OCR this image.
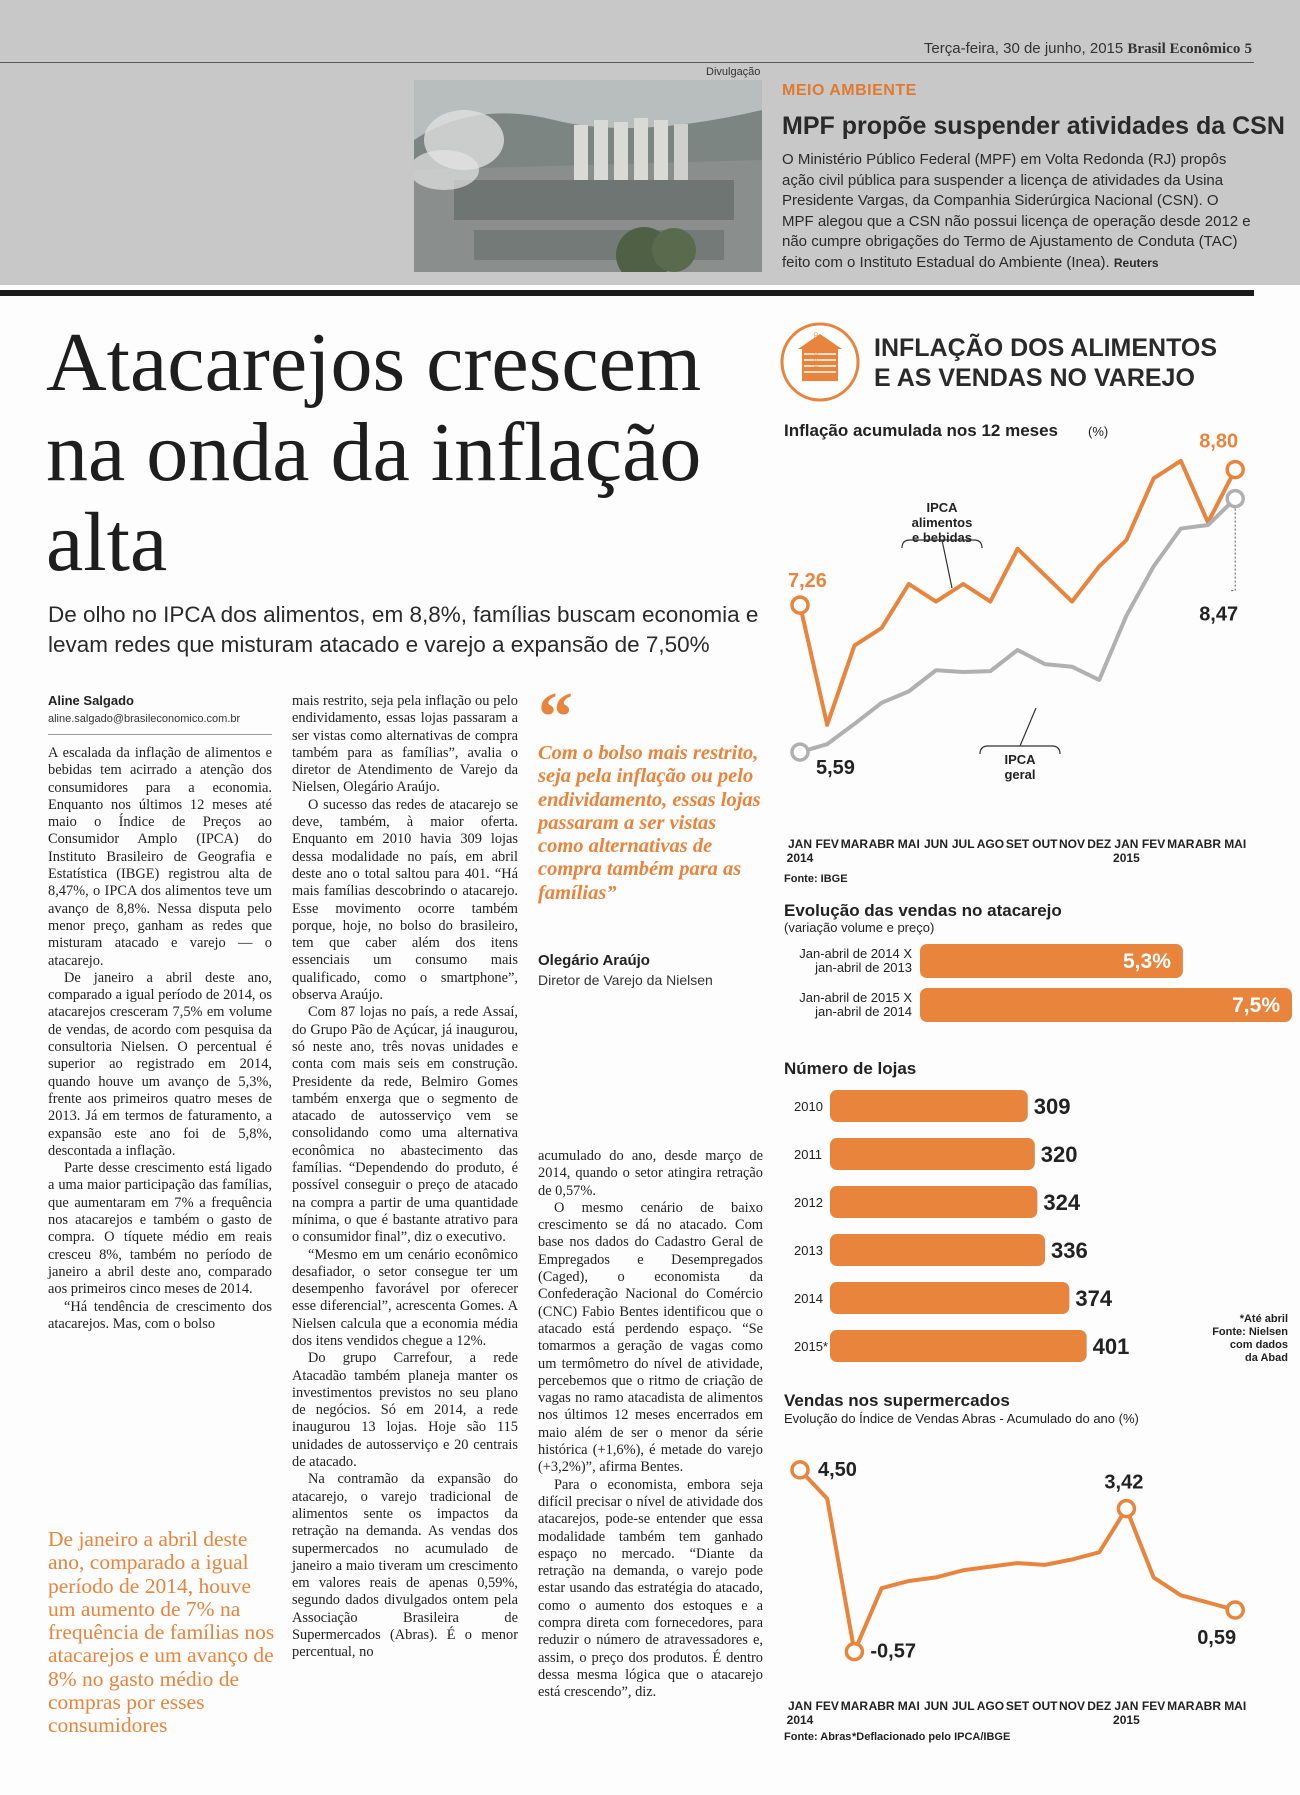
Terça-feira, 30 de junho, 2015 Brasil Econômico 5
Divulgação
MEIO AMBIENTE
MPF propõe suspender atividades da CSN
O Ministério Público Federal (MPF) em Volta Redonda (RJ) propôs ação civil pública para suspender a licença de atividades da Usina Presidente Vargas, da Companhia Siderúrgica Nacional (CSN). O MPF alegou que a CSN não possui licença de operação desde 2012 e não cumpre obrigações do Termo de Ajustamento de Conduta (TAC) feito com o Instituto Estadual do Ambiente (Inea). Reuters
Atacarejos crescem na onda da inflação alta
De olho no IPCA dos alimentos, em 8,8%, famílias buscam economia e levam redes que misturam atacado e varejo a expansão de 7,50%
Aline Salgado
aline.salgado@brasileconomico.com.br

A escalada da inflação de alimentos e bebidas tem acirrado a atenção dos consumidores para a economia. Enquanto nos últimos 12 meses até maio o Índice de Preços ao Consumidor Amplo (IPCA) do Instituto Brasileiro de Geografia e Estatística (IBGE) registrou alta de 8,47%, o IPCA dos alimentos teve um avanço de 8,8%. Nessa disputa pelo menor preço, ganham as redes que misturam atacado e varejo — o atacarejo.

De janeiro a abril deste ano, comparado a igual período de 2014, os atacarejos cresceram 7,5% em volume de vendas, de acordo com pesquisa da consultoria Nielsen. O percentual é superior ao registrado em 2014, quando houve um avanço de 5,3%, frente aos primeiros quatro meses de 2013. Já em termos de faturamento, a expansão este ano foi de 5,8%, descontada a inflação.

Parte desse crescimento está ligado a uma maior participação das famílias, que aumentaram em 7% a frequência nos atacarejos e também o gasto de compra. O tíquete médio em reais cresceu 8%, também no período de janeiro a abril deste ano, comparado aos primeiros cinco meses de 2014.

“Há tendência de crescimento dos atacarejos. Mas, com o bolso

mais restrito, seja pela inflação ou pelo endividamento, essas lojas passaram a ser vistas como alternativas de compra também para as famílias”, avalia o diretor de Atendimento de Varejo da Nielsen, Olegário Araújo.

O sucesso das redes de atacarejo se deve, também, à maior oferta. Enquanto em 2010 havia 309 lojas dessa modalidade no país, em abril deste ano o total saltou para 401. “Há mais famílias descobrindo o atacarejo. Esse movimento ocorre também porque, hoje, no bolso do brasileiro, tem que caber além dos itens essenciais um consumo mais qualificado, como o smartphone”, observa Araújo.

Com 87 lojas no país, a rede Assaí, do Grupo Pão de Açúcar, já inaugurou, só neste ano, três novas unidades e conta com mais seis em construção. Presidente da rede, Belmiro Gomes também enxerga que o segmento de atacado de autosserviço vem se consolidando como uma alternativa econômica no abastecimento das famílias. “Dependendo do produto, é possível conseguir o preço de atacado na compra a partir de uma quantidade mínima, o que é bastante atrativo para o consumidor final”, diz o executivo.

“Mesmo em um cenário econômico desafiador, o setor consegue ter um desempenho favorável por oferecer esse diferencial”, acrescenta Gomes. A Nielsen calcula que a economia média dos itens vendidos chegue a 12%.

Do grupo Carrefour, a rede Atacadão também planeja manter os investimentos previstos no seu plano de negócios. Só em 2014, a rede inaugurou 13 lojas. Hoje são 115 unidades de autosserviço e 20 centrais de atacado.

Na contramão da expansão do atacarejo, o varejo tradicional de alimentos sente os impactos da retração na demanda. As vendas dos supermercados no acumulado de janeiro a maio tiveram um crescimento em valores reais de apenas 0,59%, segundo dados divulgados ontem pela Associação Brasileira de Supermercados (Abras). É o menor percentual, no

“
Com o bolso mais restrito, seja pela inflação ou pelo endividamento, essas lojas passaram a ser vistas como alternativas de compra também para as famílias”
Olegário Araújo
Diretor de Varejo da Nielsen

acumulado do ano, desde março de 2014, quando o setor atingira retração de 0,57%.

O mesmo cenário de baixo crescimento se dá no atacado. Com base nos dados do Cadastro Geral de Empregados e Desempregados (Caged), o economista da Confederação Nacional do Comércio (CNC) Fabio Bentes identificou que o atacado está perdendo espaço. “Se tomarmos a geração de vagas como um termômetro do nível de atividade, percebemos que o ritmo de criação de vagas no ramo atacadista de alimentos nos últimos 12 meses encerrados em maio além de ser o menor da série histórica (+1,6%), é metade do varejo (+3,2%)”, afirma Bentes.

Para o economista, embora seja difícil precisar o nível de atividade dos atacarejos, pode-se entender que essa modalidade também tem ganhado espaço no mercado. “Diante da retração na demanda, o varejo pode estar usando das estratégia do atacado, como o aumento dos estoques e a compra direta com fornecedores, para reduzir o número de atravessadores e, assim, o preço dos produtos. É dentro dessa mesma lógica que o atacarejo está crescendo”, diz.

De janeiro a abril deste ano, comparado a igual período de 2014, houve um aumento de 7% na frequência de famílias nos atacarejos e um avanço de 8% no gasto médio de compras por esses consumidores
INFOGRÁFICO INFLAÇÃO DOS ALIMENTOS
E AS VENDAS NO VAREJO
Inflação acumulada nos 12 meses (%)
7,26
8,80
5,59
8,47
IPCA
alimentos
e bebidas
IPCA
geral
JAN FEV MAR ABR MAI JUN JUL AGO SET OUT NOV DEZ JAN FEV MAR ABR MAI
2014	2015
Fonte: IBGE
Evolução das vendas no atacarejo
(variação volume e preço)
5,3%
Jan-abril de 2014 X
jan-abril de 2013
7,5%
Jan-abril de 2015 X
jan-abril de 2014
Número de lojas
309
2010
320
2011
324
2012
336
2013
374
2014
401
2015*
*Até abril
Fonte: Nielsen
com dados
da Abad
Vendas nos supermercados
Evolução do Índice de Vendas Abras - Acumulado do ano (%)
4,50
-0,57
3,42
0,59
JAN FEV MAR ABR MAI JUN JUL AGO SET OUT NOV DEZ JAN FEV MAR ABR MAI
2014	2015
Fonte: Abras *Deflacionado pelo IPCA/IBGE
